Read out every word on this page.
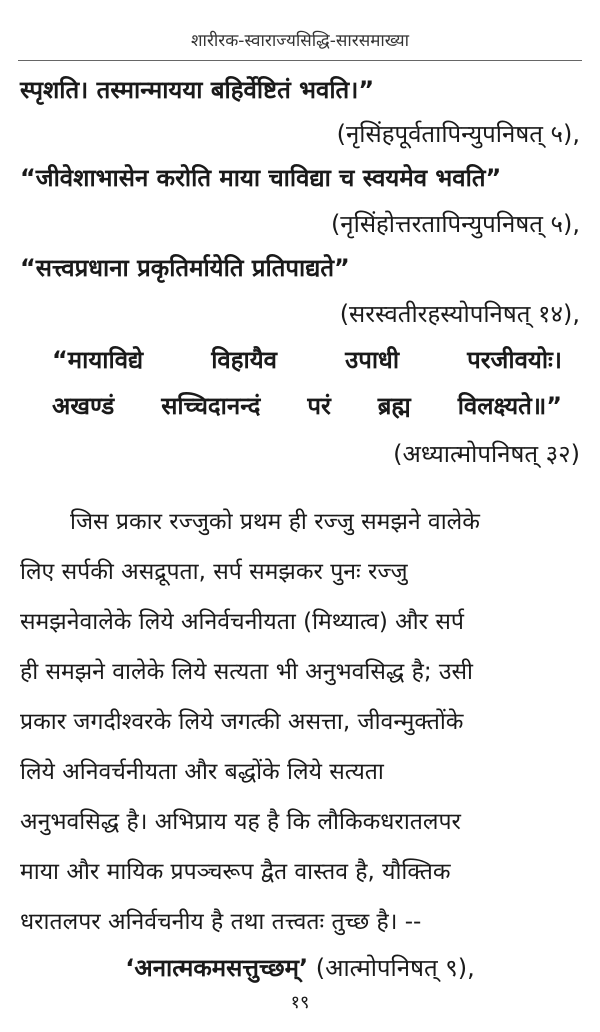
शारीरक-स्वाराज्यसिद्धि-सारसमाख्या
स्पृशति। तस्मान्मायया बहिर्वेष्टितं भवति।”
(नृसिंहपूर्वतापिन्युपनिषत् ५),
“जीवेशाभासेन करोति माया चाविद्या च स्वयमेव भवति”
(नृसिंहोत्तरतापिन्युपनिषत् ५),
“सत्त्वप्रधाना प्रकृतिर्मायेति प्रतिपाद्यते”
(सरस्वतीरहस्योपनिषत् १४),
“मायाविद्ये	विहायैव	उपाधी	परजीवयोः।
अखण्डं सच्चिदानन्दं परं ब्रह्म विलक्ष्यते॥”
(अध्यात्मोपनिषत् ३२)
जिस प्रकार रज्जुको प्रथम ही रज्जु समझने वालेके
लिए सर्पकी असद्रूपता, सर्प समझकर पुनः रज्जु
समझनेवालेके लिये अनिर्वचनीयता (मिथ्यात्व) और सर्प
ही समझने वालेके लिये सत्यता भी अनुभवसिद्ध है; उसी
प्रकार जगदीश्वरके लिये जगत्की असत्ता, जीवन्मुक्तोंके
लिये अनिवर्चनीयता और बद्धोंके लिये सत्यता
अनुभवसिद्ध है। अभिप्राय यह है कि लौकिकधरातलपर
माया और मायिक प्रपञ्चरूप द्वैत वास्तव है, यौक्तिक
धरातलपर अनिर्वचनीय है तथा तत्त्वतः तुच्छ है। --
‘अनात्मकमसत्तुच्छम्’ (आत्मोपनिषत् ९),
१९
